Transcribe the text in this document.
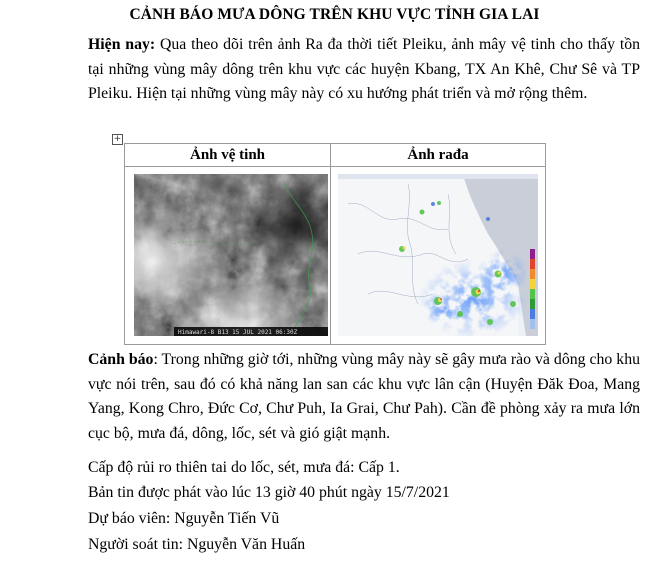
CẢNH BÁO MƯA DÔNG TRÊN KHU VỰC TỈNH GIA LAI
Hiện nay: Qua theo dõi trên ảnh Ra đa thời tiết Pleiku, ảnh mây vệ tinh cho thấy tồn tại những vùng mây dông trên khu vực các huyện Kbang, TX An Khê, Chư Sê và TP Pleiku. Hiện tại những vùng mây này có xu hướng phát triển và mở rộng thêm.
+
Ảnh vệ tinh	Ảnh rađa

Himawari-8 B13 15 JUL 2021 06:30Z

Cảnh báo: Trong những giờ tới, những vùng mây này sẽ gây mưa rào và dông cho khu vực nói trên, sau đó có khả năng lan san các khu vực lân cận (Huyện Đăk Đoa, Mang Yang, Kong Chro, Đức Cơ, Chư Puh, Ia Grai, Chư Pah). Cần đề phòng xảy ra mưa lớn cục bộ, mưa đá, dông, lốc, sét và gió giật mạnh.
Cấp độ rủi ro thiên tai do lốc, sét, mưa đá: Cấp 1.
Bản tin được phát vào lúc 13 giờ 40 phút ngày 15/7/2021
Dự báo viên: Nguyễn Tiến Vũ
Người soát tin: Nguyễn Văn Huấn
